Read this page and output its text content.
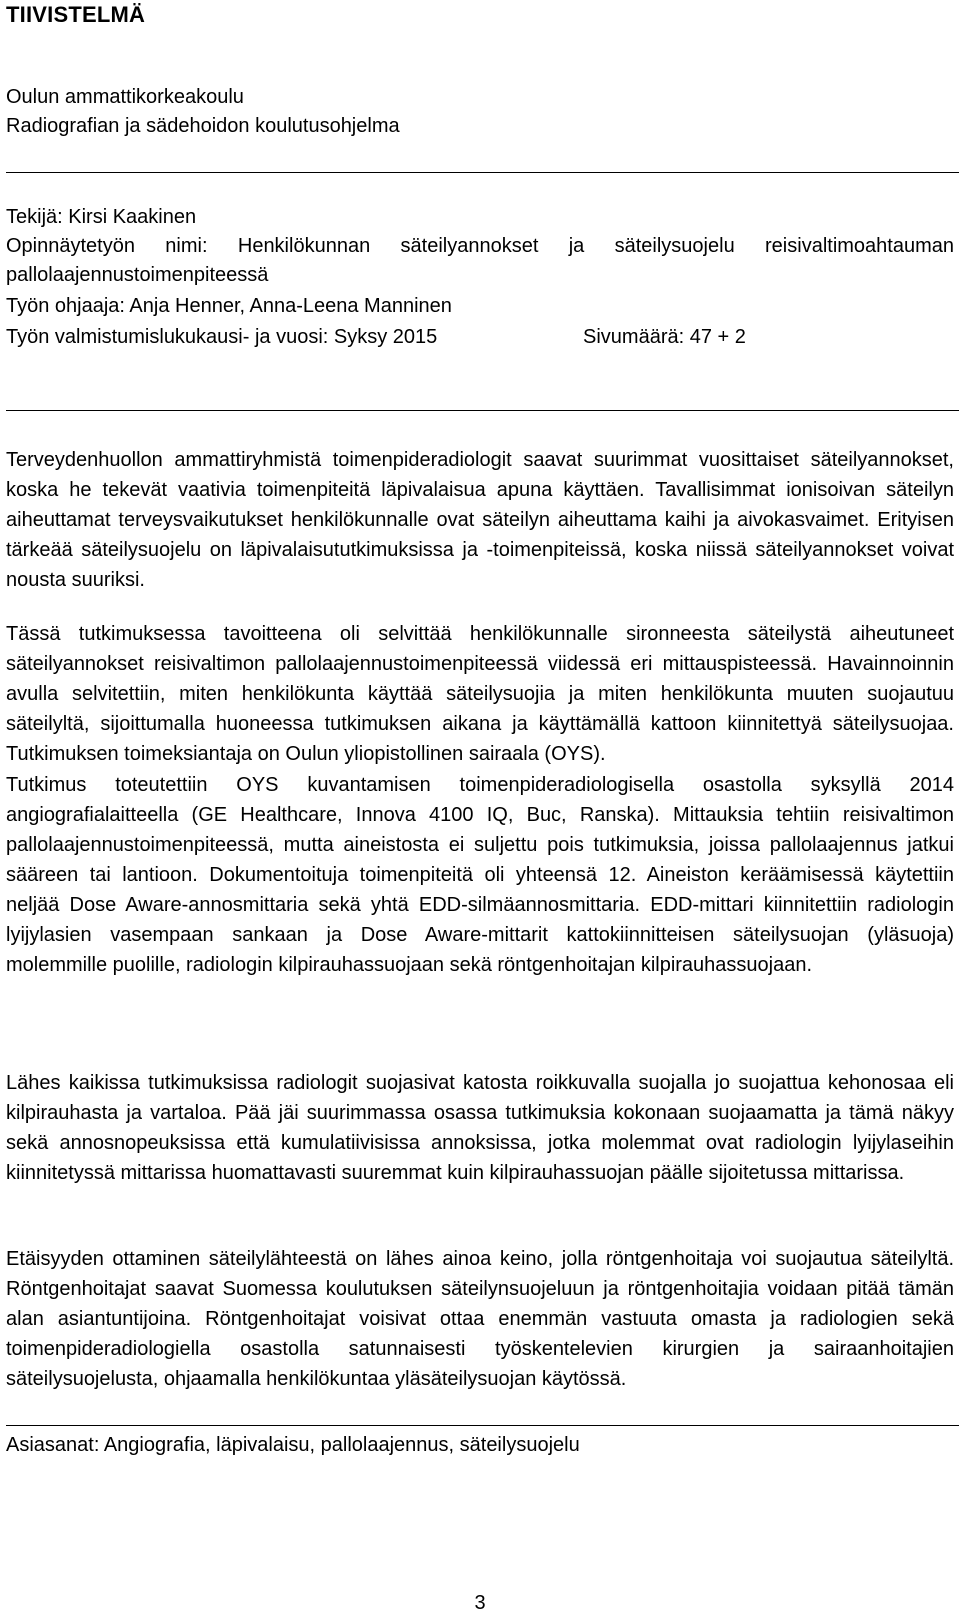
TIIVISTELMÄ
Oulun ammattikorkeakoulu
Radiografian ja sädehoidon koulutusohjelma
Tekijä: Kirsi Kaakinen
Opinnäytetyön nimi: Henkilökunnan säteilyannokset ja säteilysuojelu reisivaltimoahtauman
pallolaajennustoimenpiteessä
Työn ohjaaja: Anja Henner, Anna-Leena Manninen
Työn valmistumislukukausi- ja vuosi: Syksy 2015	Sivumäärä: 47 + 2

Terveydenhuollon ammattiryhmistä toimenpideradiologit saavat suurimmat vuosittaiset säteilyannokset, koska he tekevät vaativia toimenpiteitä läpivalaisua apuna käyttäen. Tavallisimmat ionisoivan säteilyn aiheuttamat terveysvaikutukset henkilökunnalle ovat säteilyn aiheuttama kaihi ja aivokasvaimet. Erityisen tärkeää säteilysuojelu on läpivalaisututkimuksissa ja -toimenpiteissä, koska niissä säteilyannokset voivat nousta suuriksi.

Tässä tutkimuksessa tavoitteena oli selvittää henkilökunnalle sironneesta säteilystä aiheutuneet säteilyannokset reisivaltimon pallolaajennustoimenpiteessä viidessä eri mittauspisteessä. Havainnoinnin avulla selvitettiin, miten henkilökunta käyttää säteilysuojia ja miten henkilökunta muuten suojautuu säteilyltä, sijoittumalla huoneessa tutkimuksen aikana ja käyttämällä kattoon kiinnitettyä säteilysuojaa. Tutkimuksen toimeksiantaja on Oulun yliopistollinen sairaala (OYS).

Tutkimus toteutettiin OYS kuvantamisen toimenpideradiologisella osastolla syksyllä 2014 angiografialaitteella (GE Healthcare, Innova 4100 IQ, Buc, Ranska). Mittauksia tehtiin reisivaltimon pallolaajennustoimenpiteessä, mutta aineistosta ei suljettu pois tutkimuksia, joissa pallolaajennus jatkui sääreen tai lantioon. Dokumentoituja toimenpiteitä oli yhteensä 12. Aineiston keräämisessä käytettiin neljää Dose Aware-annosmittaria sekä yhtä EDD-silmäannosmittaria. EDD-mittari kiinnitettiin radiologin lyijylasien vasempaan sankaan ja Dose Aware-mittarit kattokiinnitteisen säteilysuojan (yläsuoja) molemmille puolille, radiologin kilpirauhassuojaan sekä röntgenhoitajan kilpirauhassuojaan.

Lähes kaikissa tutkimuksissa radiologit suojasivat katosta roikkuvalla suojalla jo suojattua kehonosaa eli kilpirauhasta ja vartaloa. Pää jäi suurimmassa osassa tutkimuksia kokonaan suojaamatta ja tämä näkyy sekä annosnopeuksissa että kumulatiivisissa annoksissa, jotka molemmat ovat radiologin lyijylaseihin kiinnitetyssä mittarissa huomattavasti suuremmat kuin kilpirauhassuojan päälle sijoitetussa mittarissa.

Etäisyyden ottaminen säteilylähteestä on lähes ainoa keino, jolla röntgenhoitaja voi suojautua säteilyltä. Röntgenhoitajat saavat Suomessa koulutuksen säteilynsuojeluun ja röntgenhoitajia voidaan pitää tämän alan asiantuntijoina. Röntgenhoitajat voisivat ottaa enemmän vastuuta omasta ja radiologien sekä toimenpideradiologiella osastolla satunnaisesti työskentelevien kirurgien ja sairaanhoitajien säteilysuojelusta, ohjaamalla henkilökuntaa yläsäteilysuojan käytössä.

Asiasanat: Angiografia, läpivalaisu, pallolaajennus, säteilysuojelu
3
